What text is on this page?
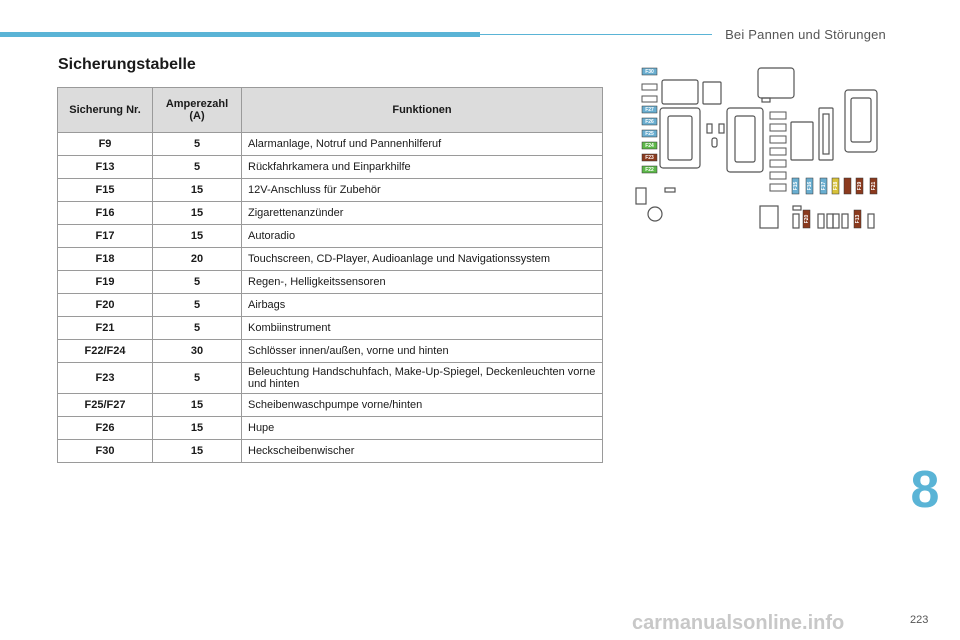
Bei Pannen und Störungen
Sicherungstabelle
Sicherung Nr.	Amperezahl (A)	Funktionen
F9	5	Alarmanlage, Notruf und Pannenhilferuf
F13	5	Rückfahrkamera und Einparkhilfe
F15	15	12V-Anschluss für Zubehör
F16	15	Zigarettenanzünder
F17	15	Autoradio
F18	20	Touchscreen, CD-Player, Audioanlage und Navigationssystem
F19	5	Regen-, Helligkeitssensoren
F20	5	Airbags
F21	5	Kombiinstrument
F22/F24	30	Schlösser innen/außen, vorne und hinten
F23	5	Beleuchtung Handschuhfach, Make-Up-Spiegel, Deckenleuchten vorne und hinten
F25/F27	15	Scheibenwaschpumpe vorne/hinten
F26	15	Hupe
F30	15	Heckscheibenwischer
F30
F27
F26
F25
F24
F23
F22
F15 F16 F17 F18	F19 F21
F20	F13
8
223
carmanualsonline.info
